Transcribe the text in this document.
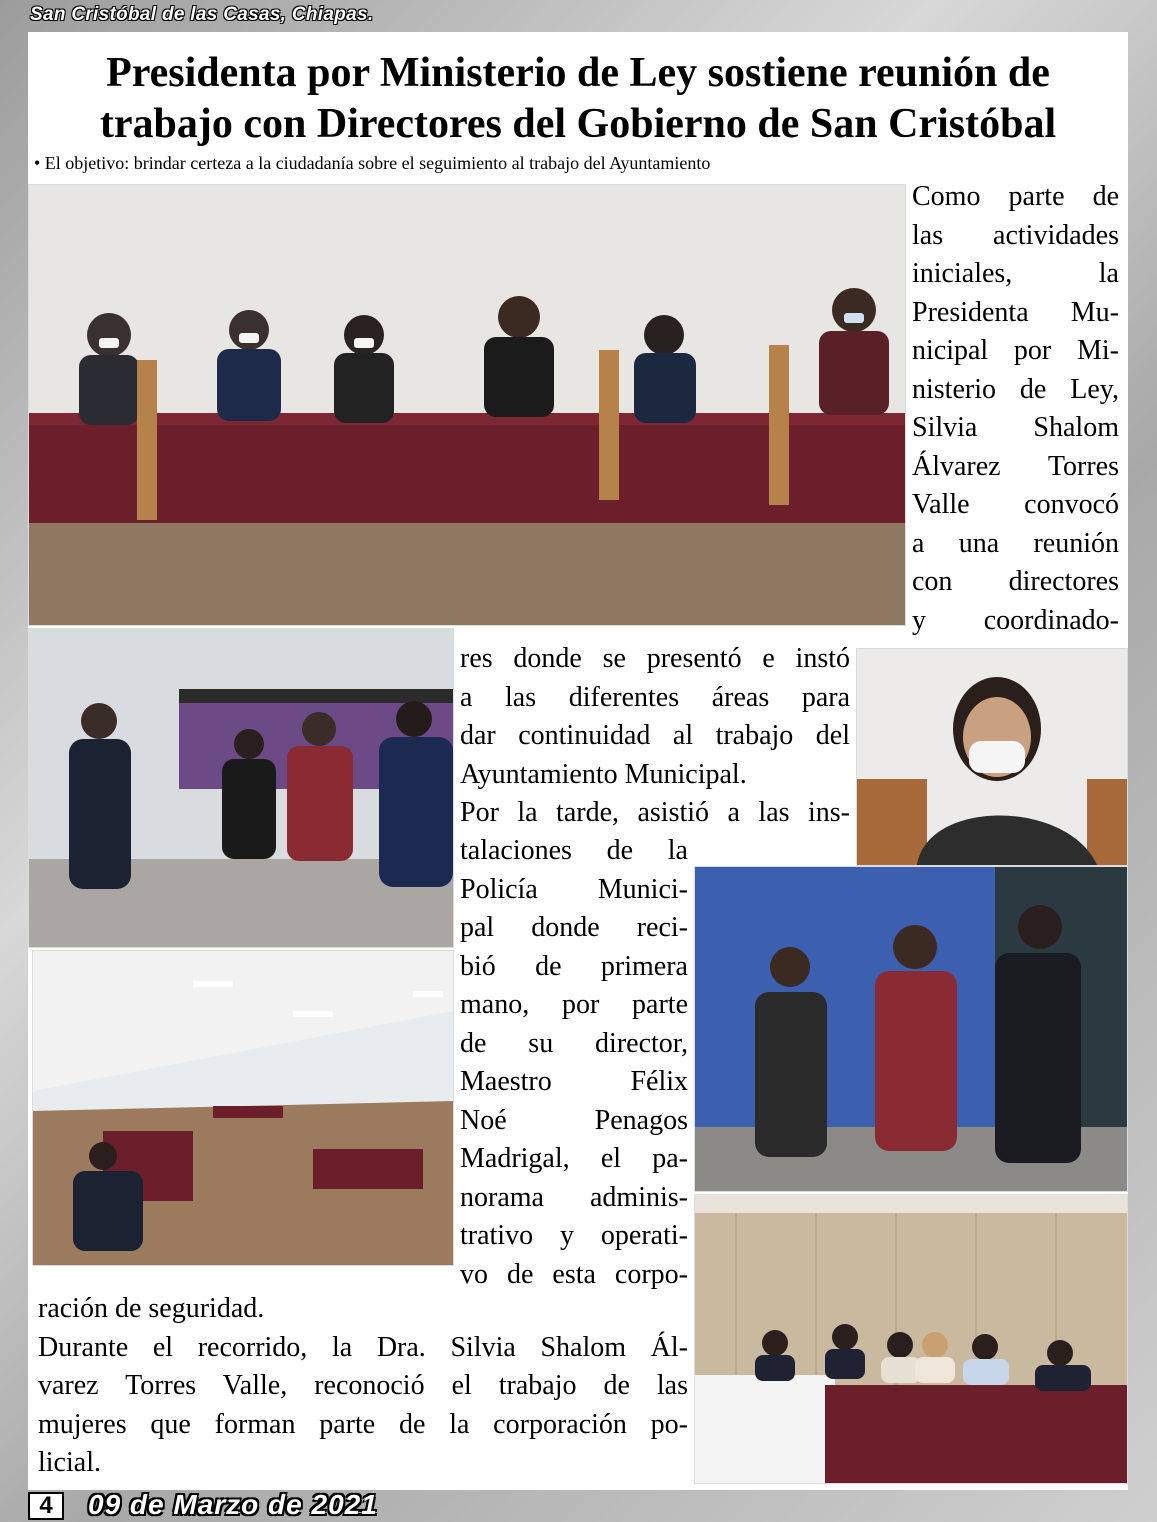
San Cristóbal de las Casas, Chiapas.
Presidenta por Ministerio de Ley sostiene reunión de
trabajo con Directores del Gobierno de San Cristóbal
• El objetivo: brindar certeza a la ciudadanía sobre el seguimiento al trabajo del Ayuntamiento
Como parte de
las actividades
iniciales, la
Presidenta Mu-
nicipal por Mi-
nisterio de Ley,
Silvia Shalom
Álvarez Torres
Valle convocó
a una reunión
con directores
y coordinado-
res donde se presentó e instó
a las diferentes áreas para
dar continuidad al trabajo del
Ayuntamiento Municipal.
Por la tarde, asistió a las ins-
talaciones de la
Policía Munici-
pal donde reci-
bió de primera
mano, por parte
de su director,
Maestro Félix
Noé Penagos
Madrigal, el pa-
norama adminis-
trativo y operati-
vo de esta corpo-
ración de seguridad.
Durante el recorrido, la Dra. Silvia Shalom Ál-
varez Torres Valle, reconoció el trabajo de las
mujeres que forman parte de la corporación po-
licial.
4	09 de Marzo de 2021
